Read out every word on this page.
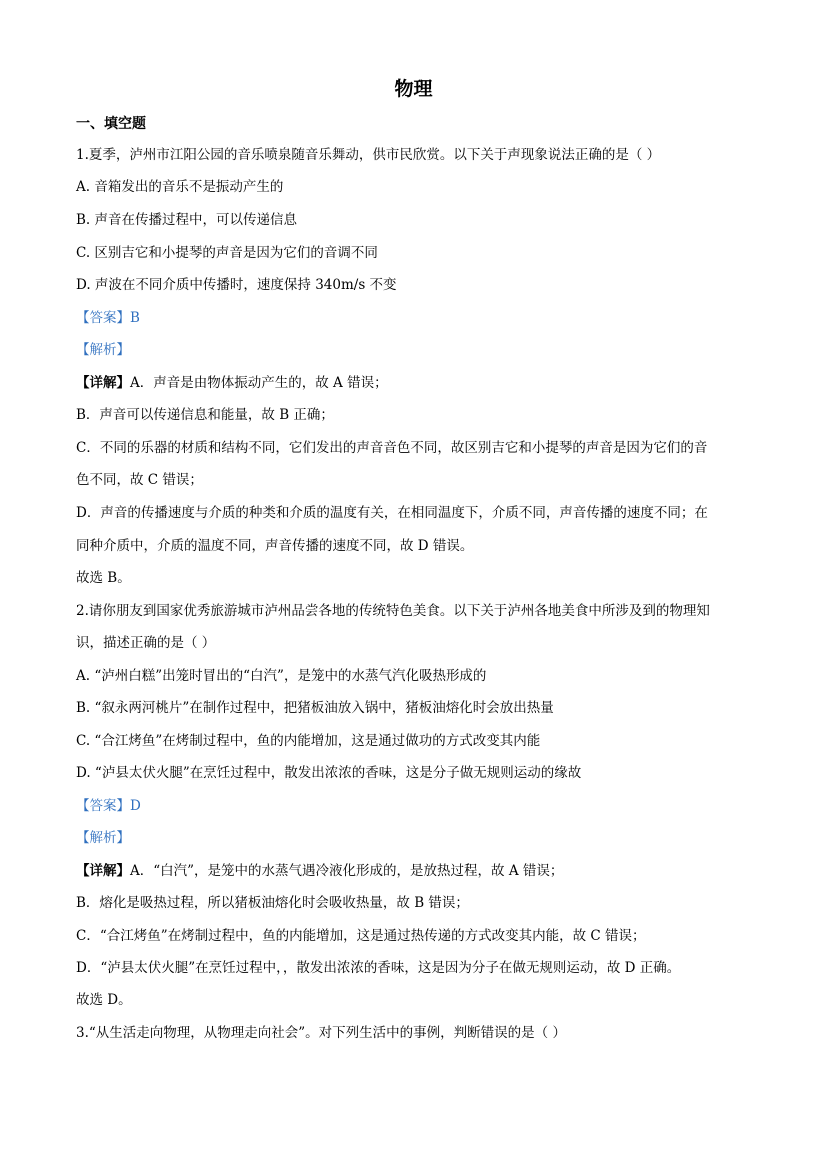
物理
一、填空题
1.夏季，泸州市江阳公园的音乐喷泉随音乐舞动，供市民欣赏。以下关于声现象说法正确的是（ ）
A. 音箱发出的音乐不是振动产生的
B. 声音在传播过程中，可以传递信息
C. 区别吉它和小提琴的声音是因为它们的音调不同
D. 声波在不同介质中传播时，速度保持 340m/s 不变
【答案】B
【解析】
【详解】A．声音是由物体振动产生的，故 A 错误；
B．声音可以传递信息和能量，故 B 正确；
C．不同的乐器的材质和结构不同，它们发出的声音音色不同，故区别吉它和小提琴的声音是因为它们的音
色不同，故 C 错误；
D．声音的传播速度与介质的种类和介质的温度有关，在相同温度下，介质不同，声音传播的速度不同；在
同种介质中，介质的温度不同，声音传播的速度不同，故 D 错误。
故选 B。
2.请你朋友到国家优秀旅游城市泸州品尝各地的传统特色美食。以下关于泸州各地美食中所涉及到的物理知
识，描述正确的是（ ）
A. “泸州白糕”出笼时冒出的“白汽”，是笼中的水蒸气汽化吸热形成的
B. “叙永两河桃片”在制作过程中，把猪板油放入锅中，猪板油熔化时会放出热量
C. “合江烤鱼”在烤制过程中，鱼的内能增加，这是通过做功的方式改变其内能
D. “泸县太伏火腿”在烹饪过程中，散发出浓浓的香味，这是分子做无规则运动的缘故
【答案】D
【解析】
【详解】A．“白汽”，是笼中的水蒸气遇冷液化形成的，是放热过程，故 A 错误；
B．熔化是吸热过程，所以猪板油熔化时会吸收热量，故 B 错误；
C．“合江烤鱼”在烤制过程中，鱼的内能增加，这是通过热传递的方式改变其内能，故 C 错误；
D．“泸县太伏火腿”在烹饪过程中，，散发出浓浓的香味，这是因为分子在做无规则运动，故 D 正确。
故选 D。
3.“从生活走向物理，从物理走向社会”。对下列生活中的事例，判断错误的是（ ）
